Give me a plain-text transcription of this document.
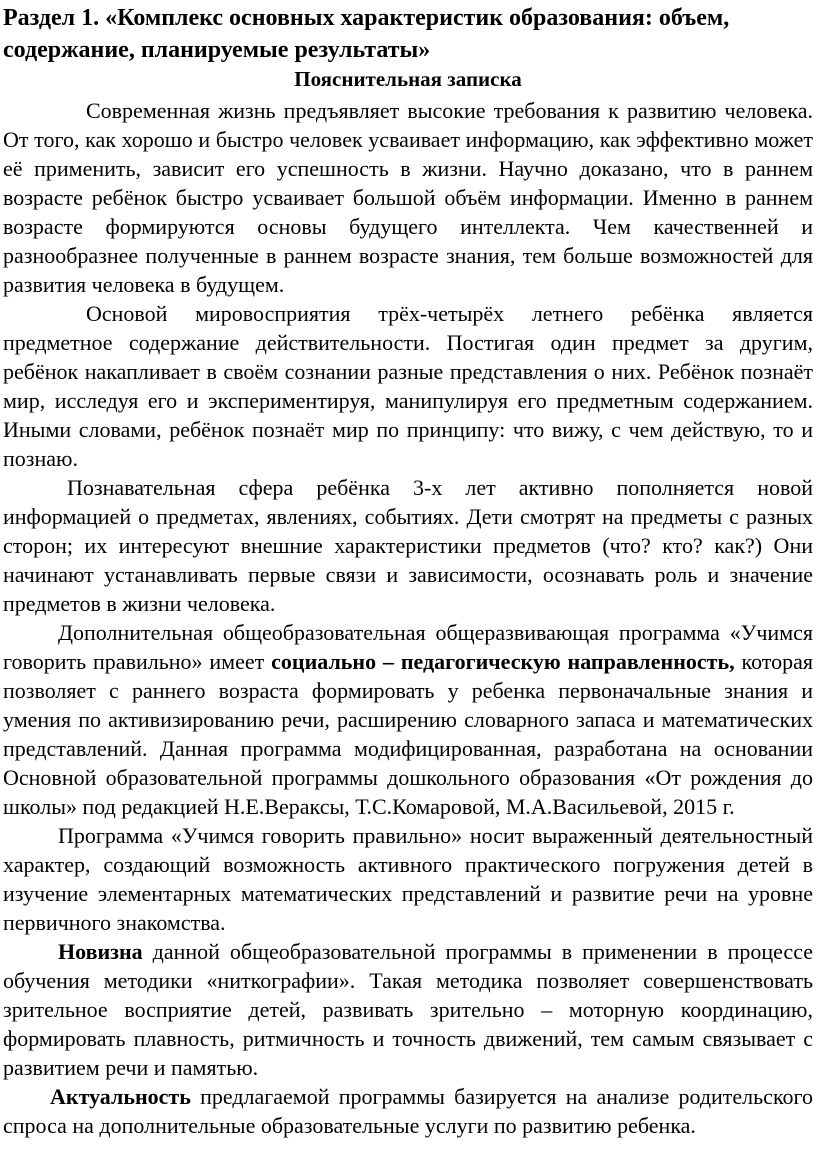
Раздел 1. «Комплекс основных характеристик образования: объем, содержание, планируемые результаты»
Пояснительная записка

Современная жизнь предъявляет высокие требования к развитию человека. От того, как хорошо и быстро человек усваивает информацию, как эффективно может её применить, зависит его успешность в жизни. Научно доказано, что в раннем возрасте ребёнок быстро усваивает большой объём информации. Именно в раннем возрасте формируются основы будущего интеллекта. Чем качественней и разнообразнее полученные в раннем возрасте знания, тем больше возможностей для развития человека в будущем.

Основой мировосприятия трёх-четырёх летнего ребёнка является предметное содержание действительности. Постигая один предмет за другим, ребёнок накапливает в своём сознании разные представления о них. Ребёнок познаёт мир, исследуя его и экспериментируя, манипулируя его предметным содержанием. Иными словами, ребёнок познаёт мир по принципу: что вижу, с чем действую, то и познаю.

Познавательная сфера ребёнка 3-х лет активно пополняется новой информацией о предметах, явлениях, событиях. Дети смотрят на предметы с разных сторон; их интересуют внешние характеристики предметов (что? кто? как?) Они начинают устанавливать первые связи и зависимости, осознавать роль и значение предметов в жизни человека.

Дополнительная общеобразовательная общеразвивающая программа «Учимся говорить правильно» имеет социально – педагогическую направленность, которая позволяет с раннего возраста формировать у ребенка первоначальные знания и умения по активизированию речи, расширению словарного запаса и математических представлений. Данная программа модифицированная, разработана на основании Основной образовательной программы дошкольного образования «От рождения до школы» под редакцией Н.Е.Вераксы, Т.С.Комаровой, М.А.Васильевой, 2015 г.

Программа «Учимся говорить правильно» носит выраженный деятельностный характер, создающий возможность активного практического погружения детей в изучение элементарных математических представлений и развитие речи на уровне первичного знакомства.

Новизна данной общеобразовательной программы в применении в процессе обучения методики «ниткографии». Такая методика позволяет совершенствовать зрительное восприятие детей, развивать зрительно – моторную координацию, формировать плавность, ритмичность и точность движений, тем самым связывает с развитием речи и памятью.

Актуальность предлагаемой программы базируется на анализе родительского спроса на дополнительные образовательные услуги по развитию ребенка.
